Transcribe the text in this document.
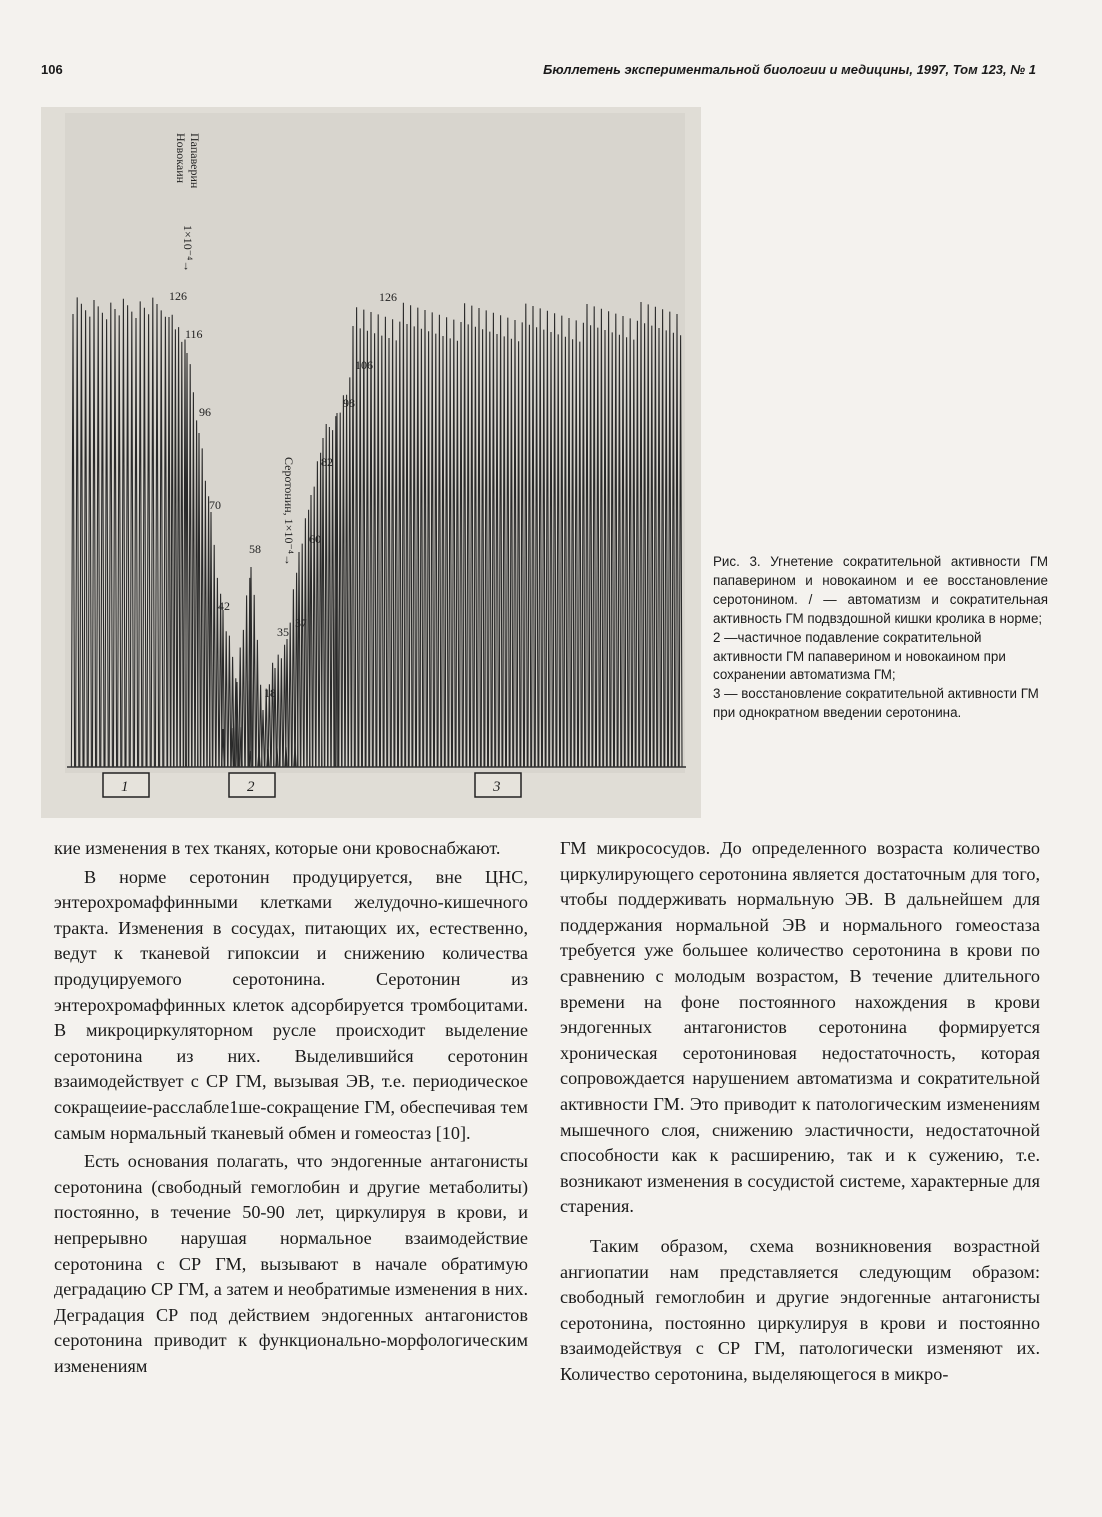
106	Бюллетень экспериментальной биологии и медицины, 1997, Том 123, № 1
Папаверин
Новокаин
1×10⁻⁴→
Серотонин, 1×10⁻⁴→
126
116
96
70
58
42
18
35
37
60
82
98
106
126
1	2	3

Рис. 3. Угнетение сократительной активности ГМ папаверином и новокаином и ее восстановление серотонином. / — автоматизм и сократительная активность ГМ подвздошной кишки кролика в норме;

2 —частичное подавление сократительной активности ГМ папаверином и новокаином при сохранении автоматизма ГМ;

3 — восстановление сократительной активности ГМ при однократном введении серотонина.

кие изменения в тех тканях, которые они кровоснабжают.

В норме серотонин продуцируется, вне ЦНС, энтерохромаффинными клетками желудочно-кишечного тракта. Изменения в сосудах, питающих их, естественно, ведут к тканевой гипоксии и снижению количества продуцируемого серотонина. Серотонин из энтерохромаффинных клеток адсорбируется тромбоцитами. В микроциркуляторном русле происходит выделение серотонина из них. Выделившийся серотонин взаимодействует с СР ГМ, вызывая ЭВ, т.е. периодическое сокращеиие-расслабле1ше-сокращение ГМ, обеспечивая тем самым нормальный тканевый обмен и гомеостаз [10].

Есть основания полагать, что эндогенные антагонисты серотонина (свободный гемоглобин и другие метаболиты) постоянно, в течение 50-90 лет, циркулируя в крови, и непрерывно нарушая нормальное взаимодействие серотонина с СР ГМ, вызывают в начале обратимую деградацию СР ГМ, а затем и необратимые изменения в них. Деградация СР под действием эндогенных антагонистов серотонина приводит к функционально-морфологическим изменениям

ГМ микрососудов. До определенного возраста количество циркулирующего серотонина является достаточным для того, чтобы поддерживать нормальную ЭВ. В дальнейшем для поддержания нормальной ЭВ и нормального гомеостаза требуется уже большее количество серотонина в крови по сравнению с молодым возрастом, В течение длительного времени на фоне постоянного нахождения в крови эндогенных антагонистов серотонина формируется хроническая серотониновая недостаточность, которая сопровождается нарушением автоматизма и сократительной активности ГМ. Это приводит к патологическим изменениям мышечного слоя, снижению эластичности, недостаточной способности как к расширению, так и к сужению, т.е. возникают изменения в сосудистой системе, характерные для старения.

Таким образом, схема возникновения возрастной ангиопатии нам представляется следующим образом: свободный гемоглобин и другие эндогенные антагонисты серотонина, постоянно циркулируя в крови и постоянно взаимодействуя с СР ГМ, патологически изменяют их. Количество серотонина, выделяющегося в микро-
